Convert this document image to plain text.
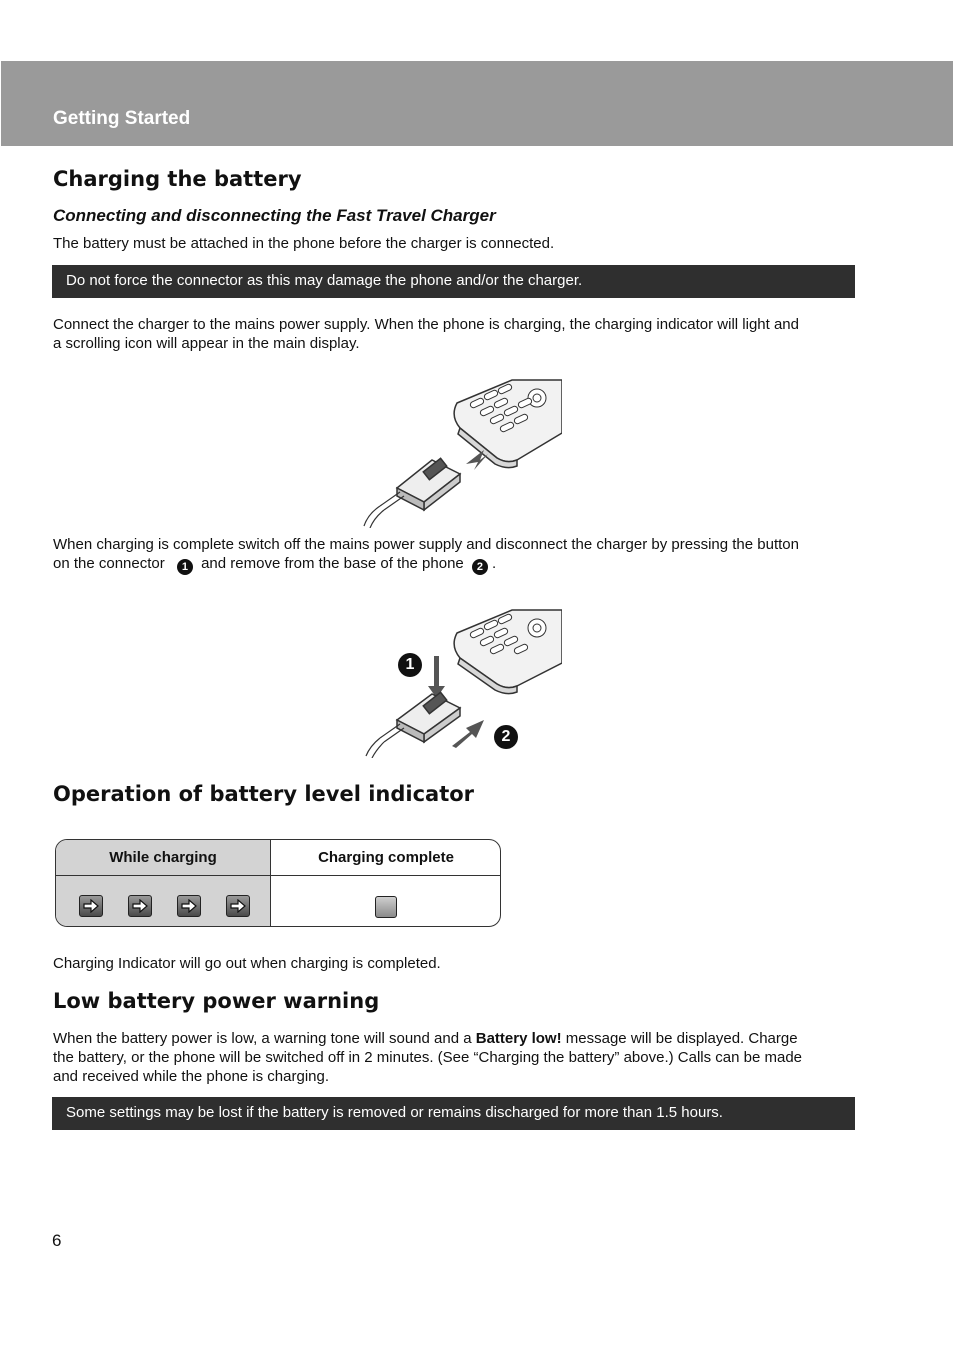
Getting Started
Charging the battery
Connecting and disconnecting the Fast Travel Charger
The battery must be attached in the phone before the charger is connected.
Do not force the connector as this may damage the phone and/or the charger.
Connect the charger to the mains power supply. When the phone is charging, the charging indicator will light and
a scrolling icon will appear in the main display.
When charging is complete switch off the mains power supply and disconnect the charger by pressing the button
on the connector 1 and remove from the base of the phone 2 .
1
2
Operation of battery level indicator
While charging	Charging complete
Charging Indicator will go out when charging is completed.
Low battery power warning
When the battery power is low, a warning tone will sound and a Battery low! message will be displayed. Charge
the battery, or the phone will be switched off in 2 minutes. (See “Charging the battery” above.) Calls can be made
and received while the phone is charging.
Some settings may be lost if the battery is removed or remains discharged for more than 1.5 hours.
6
